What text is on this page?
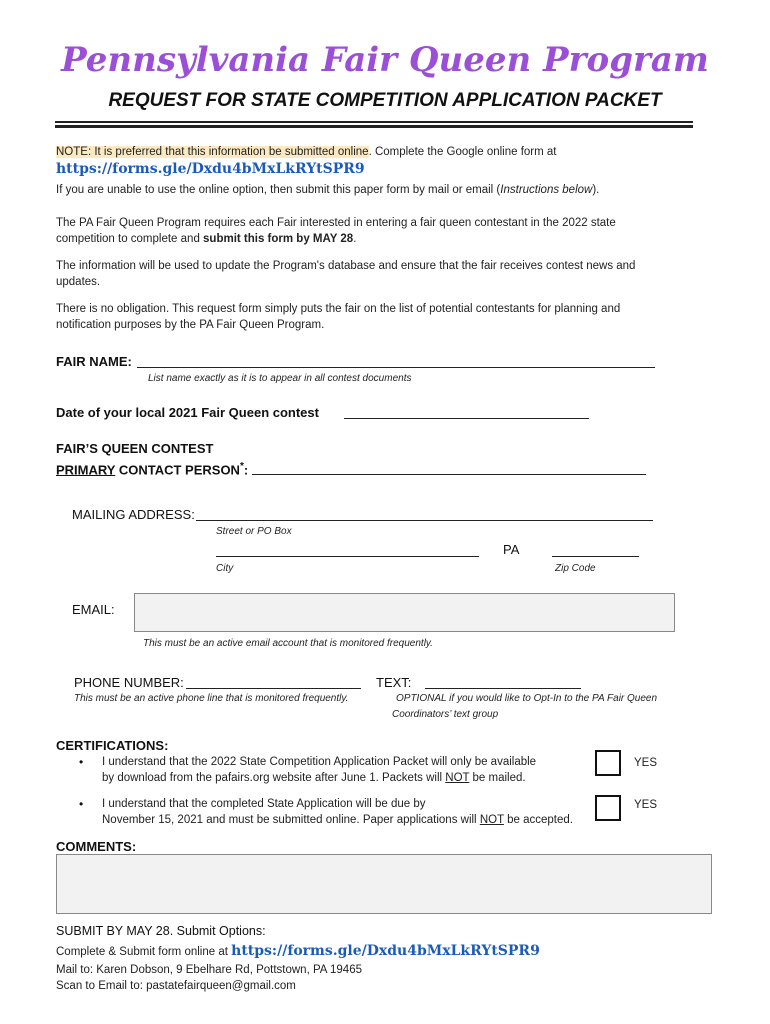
Pennsylvania Fair Queen Program
REQUEST FOR STATE COMPETITION APPLICATION PACKET
NOTE: It is preferred that this information be submitted online. Complete the Google online form at
https://forms.gle/Dxdu4bMxLkRYtSPR9
If you are unable to use the online option, then submit this paper form by mail or email (Instructions below).
The PA Fair Queen Program requires each Fair interested in entering a fair queen contestant in the 2022 state
competition to complete and submit this form by MAY 28.
The information will be used to update the Program's database and ensure that the fair receives contest news and
updates.
There is no obligation. This request form simply puts the fair on the list of potential contestants for planning and
notification purposes by the PA Fair Queen Program.
FAIR NAME:
List name exactly as it is to appear in all contest documents
Date of your local 2021 Fair Queen contest
FAIR’S QUEEN CONTEST
PRIMARY CONTACT PERSON*:
MAILING ADDRESS:
Street or PO Box
PA
City	Zip Code
EMAIL:
This must be an active email account that is monitored frequently.
PHONE NUMBER:
This must be an active phone line that is monitored frequently.
TEXT:
OPTIONAL if you would like to Opt-In to the PA Fair Queen
Coordinators’ text group
CERTIFICATIONS:
• I understand that the 2022 State Competition Application Packet will only be available
by download from the pafairs.org website after June 1. Packets will NOT be mailed.
YES
• I understand that the completed State Application will be due by
November 15, 2021 and must be submitted online. Paper applications will NOT be accepted.
YES
COMMENTS:
SUBMIT BY MAY 28. Submit Options:
Complete & Submit form online at https://forms.gle/Dxdu4bMxLkRYtSPR9
Mail to: Karen Dobson, 9 Ebelhare Rd, Pottstown, PA 19465
Scan to Email to: pastatefairqueen@gmail.com
